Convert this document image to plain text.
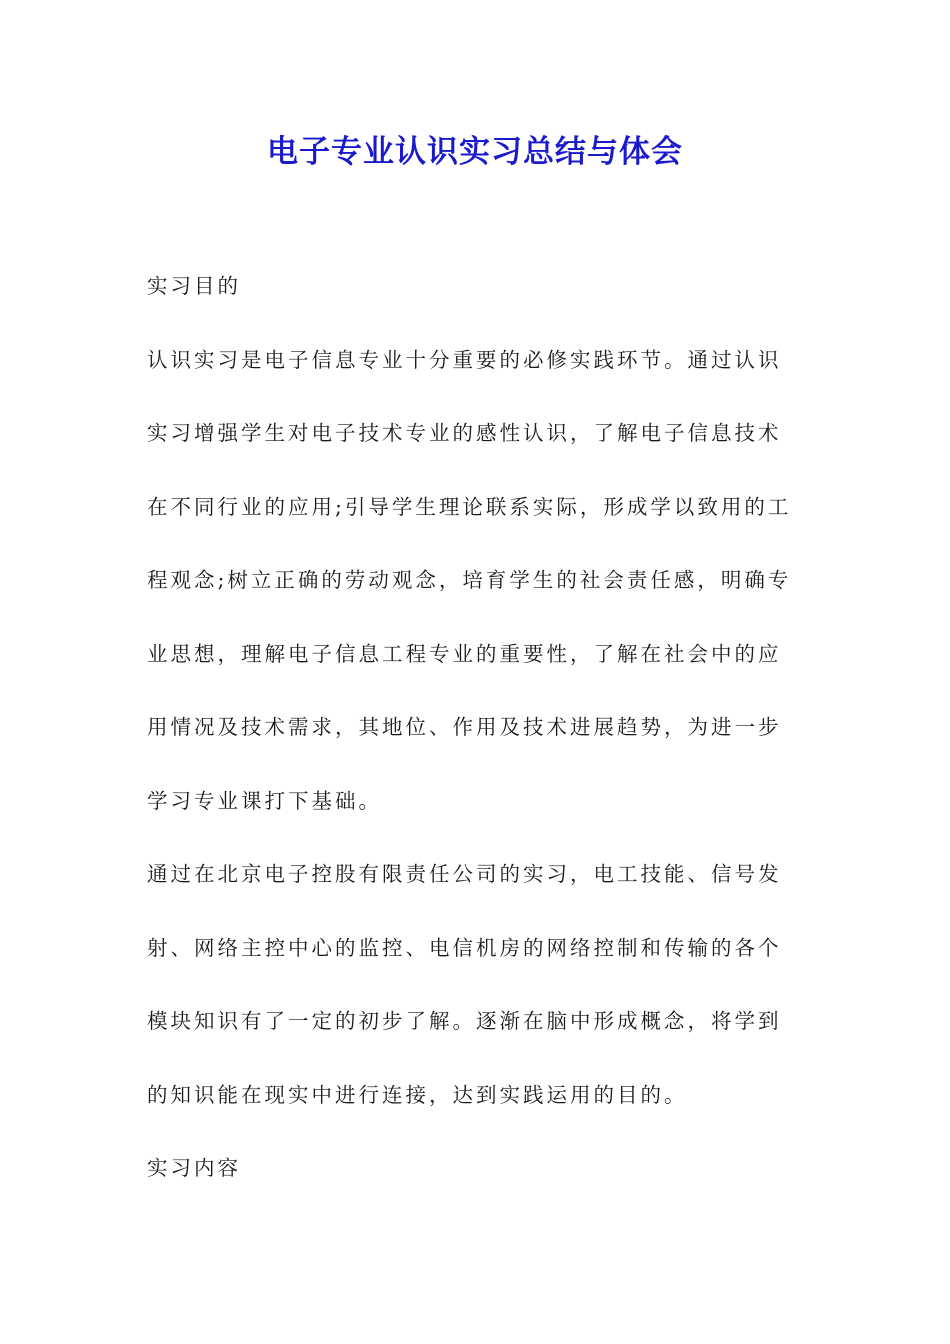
电子专业认识实习总结与体会

实习目的

认识实习是电子信息专业十分重要的必修实践环节。通过认识
实习增强学生对电子技术专业的感性认识，了解电子信息技术
在不同行业的应用;引导学生理论联系实际，形成学以致用的工
程观念;树立正确的劳动观念，培育学生的社会责任感，明确专
业思想，理解电子信息工程专业的重要性，了解在社会中的应
用情况及技术需求，其地位、作用及技术进展趋势，为进一步
学习专业课打下基础。

通过在北京电子控股有限责任公司的实习，电工技能、信号发
射、网络主控中心的监控、电信机房的网络控制和传输的各个
模块知识有了一定的初步了解。逐渐在脑中形成概念，将学到
的知识能在现实中进行连接，达到实践运用的目的。

实习内容
